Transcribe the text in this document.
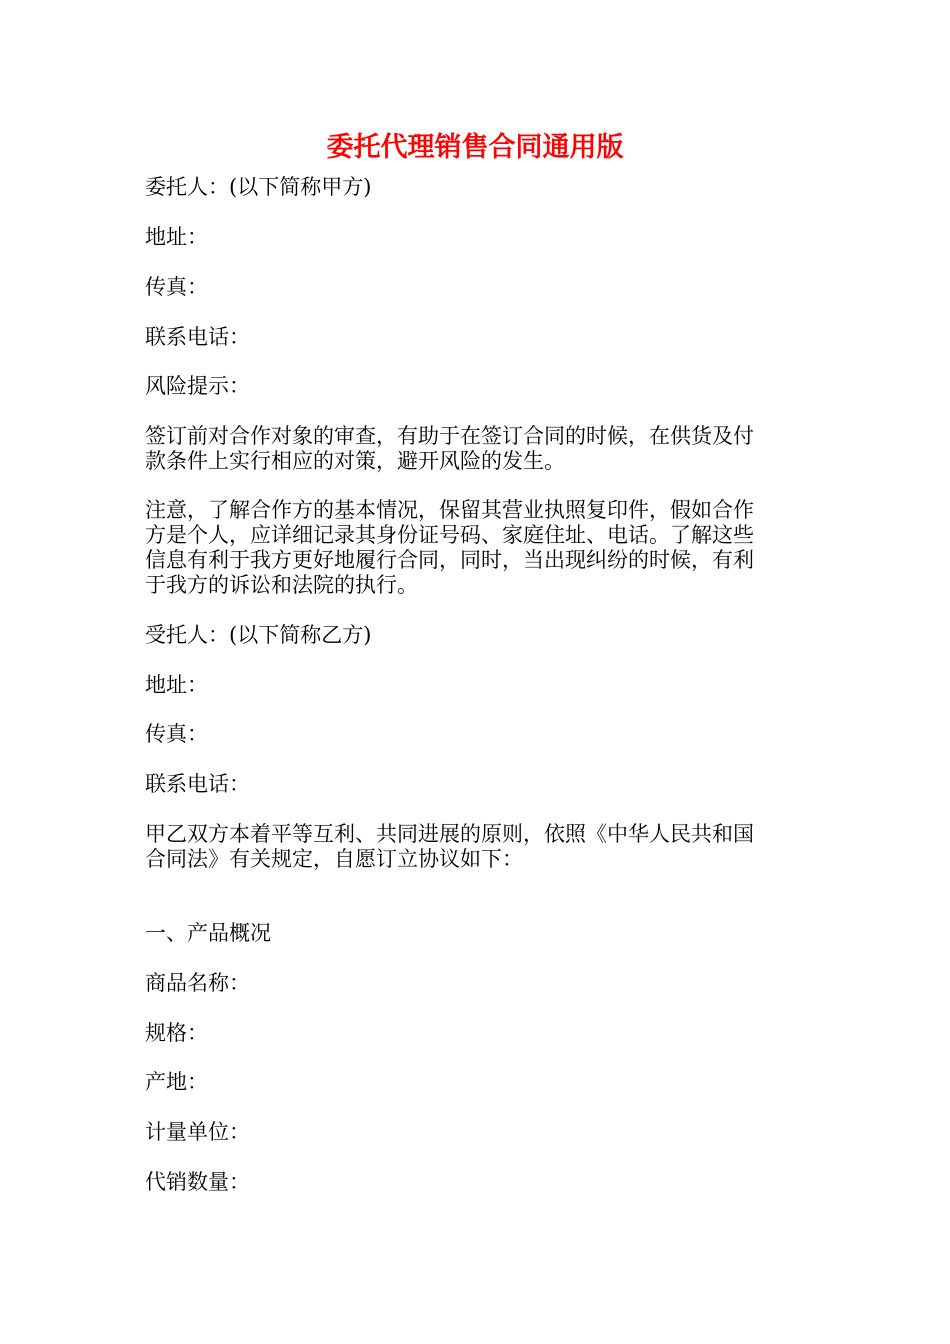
委托代理销售合同通用版

委托人：(以下简称甲方)

地址：

传真：

联系电话：

风险提示：

签订前对合作对象的审查，有助于在签订合同的时候，在供货及付
款条件上实行相应的对策，避开风险的发生。
注意，了解合作方的基本情况，保留其营业执照复印件，假如合作
方是个人，应详细记录其身份证号码、家庭住址、电话。了解这些
信息有利于我方更好地履行合同，同时，当出现纠纷的时候，有利
于我方的诉讼和法院的执行。

受托人：(以下简称乙方)

地址：

传真：

联系电话：

甲乙双方本着平等互利、共同进展的原则，依照《中华人民共和国
合同法》有关规定，自愿订立协议如下：

一、产品概况

商品名称：

规格：

产地：

计量单位：

代销数量：
